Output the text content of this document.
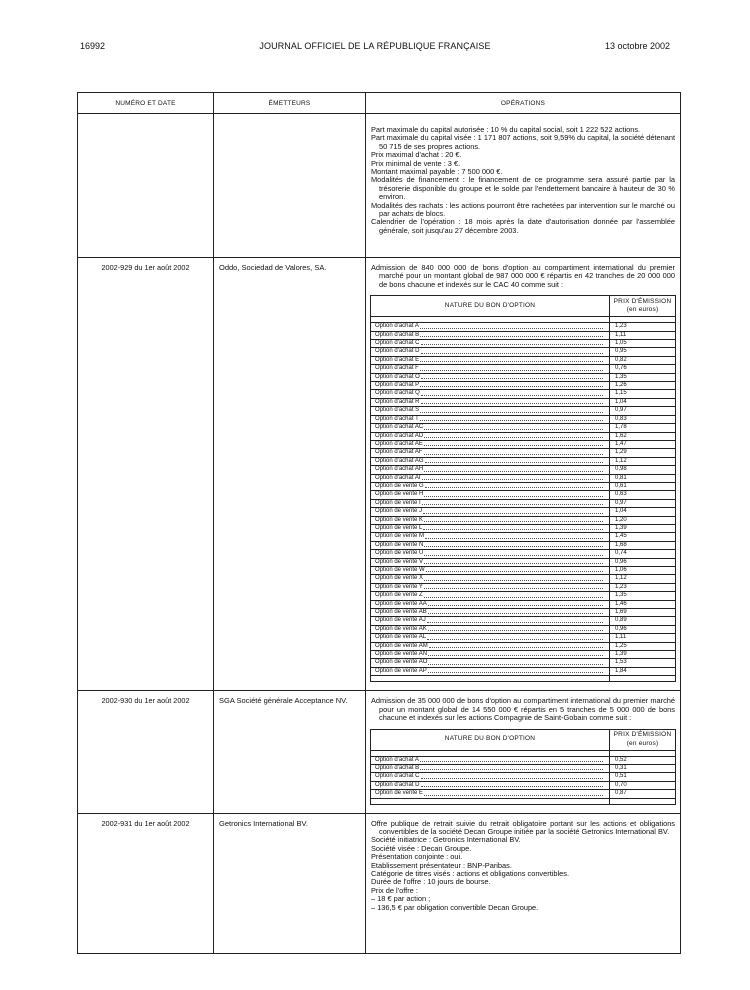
16992	JOURNAL OFFICIEL DE LA RÉPUBLIQUE FRANÇAISE	13 octobre 2002
NUMÉRO ET DATE	ÉMETTEURS	OPÉRATIONS

Part maximale du capital autorisée : 10 % du capital social, soit 1 222 522 actions.

Part maximale du capital visée : 1 171 807 actions, soit 9,59% du capital, la société détenant 50 715 de ses propres actions.

Prix maximal d'achat : 20 €.

Prix minimal de vente : 3 €.

Montant maximal payable : 7 500 000 €.

Modalités de financement : le financement de ce programme sera assuré partie par la trésorerie disponible du groupe et le solde par l'endettement bancaire à hauteur de 30 % environ.

Modalités des rachats : les actions pourront être rachetées par intervention sur le marché ou par achats de blocs.

Calendrier de l'opération : 18 mois après la date d'autorisation donnée par l'assemblée générale, soit jusqu'au 27 décembre 2003.

2002-929 du 1er août 2002	Oddo, Sociedad de Valores, SA.	Admission de 840 000 000 de bons d'option au compartiment international du premier marché pour un montant global de 987 000 000 € répartis en 42 tranches de 20 000 000 de bons chacune et indexés sur le CAC 40 comme suit :

NATURE DU BON D'OPTION	PRIX D'ÉMISSION (en euros)

Option d'achat A	1,23

Option d'achat B	1,11

Option d'achat C	1,05

Option d'achat D	0,95

Option d'achat E	0,82

Option d'achat F	0,76

Option d'achat O	1,35

Option d'achat P	1,26

Option d'achat Q	1,15

Option d'achat R	1,04

Option d'achat S	0,97

Option d'achat T	0,83

Option d'achat AC	1,78

Option d'achat AD	1,62

Option d'achat AE	1,47

Option d'achat AF	1,29

Option d'achat AG	1,12

Option d'achat AH	0,98

Option d'achat AI	0,81

Option de vente G	0,61

Option de vente H	0,63

Option de vente I	0,97

Option de vente J	1,04

Option de vente K	1,20

Option de vente L	1,39

Option de vente M	1,45

Option de vente N	1,68

Option de vente U	0,74

Option de vente V	0,96

Option de vente W	1,06

Option de vente X	1,12

Option de vente Y	1,23

Option de vente Z	1,35

Option de vente AA	1,46

Option de vente AB	1,69

Option de vente AJ	0,89

Option de vente AK	0,96

Option de vente AL	1,11

Option de vente AM	1,25

Option de vente AN	1,39

Option de vente AO	1,53

Option de vente AP	1,84

2002-930 du 1er août 2002	SGA Société générale Acceptance NV.	Admission de 35 000 000 de bons d'option au compartiment international du premier marché pour un montant global de 14 550 000 € répartis en 5 tranches de 5 000 000 de bons chacune et indexés sur les actions Compagnie de Saint-Gobain comme suit :

NATURE DU BON D'OPTION	PRIX D'ÉMISSION (en euros)

Option d'achat A	0,52

Option d'achat B	0,31

Option d'achat C	0,51

Option d'achat D	0,70

Option de vente E	0,87

2002-931 du 1er août 2002	Getronics International BV.	Offre publique de retrait suivie du retrait obligatoire portant sur les actions et obligations convertibles de la société Decan Groupe initiée par la société Getronics International BV.

Société initiatrice : Getronics International BV.

Société visée : Decan Groupe.

Présentation conjointe : oui.

Etablissement présentateur : BNP-Paribas.

Catégorie de titres visés : actions et obligations convertibles.

Durée de l'offre : 10 jours de bourse.

Prix de l'offre :

– 18 € par action ;

– 136,5 € par obligation convertible Decan Groupe.
